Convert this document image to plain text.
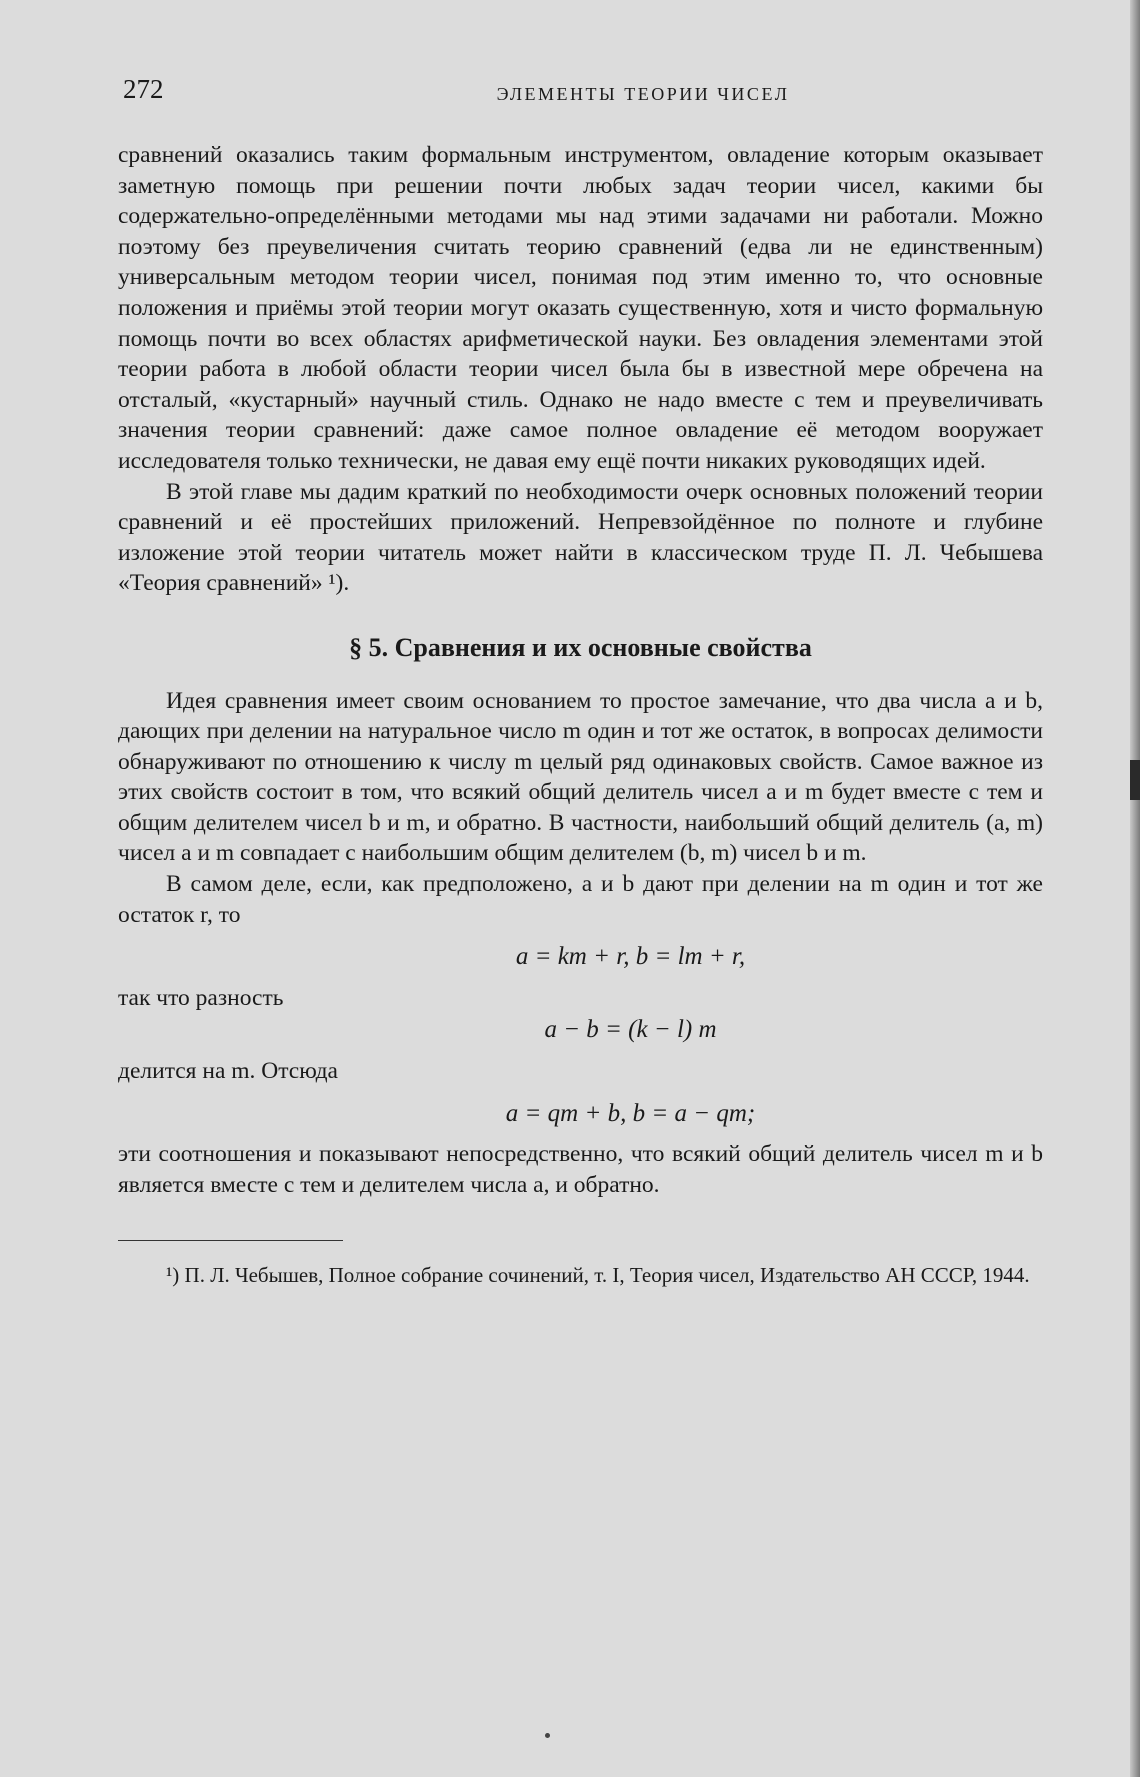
272	ЭЛЕМЕНТЫ ТЕОРИИ ЧИСЕЛ

сравнений оказались таким формальным инструментом, овладение которым оказывает заметную помощь при решении почти любых задач теории чисел, какими бы содержательно-определёнными методами мы над этими задачами ни работали. Можно поэтому без преувеличения считать теорию сравнений (едва ли не единственным) универсальным методом теории чисел, понимая под этим именно то, что основные положения и приёмы этой теории могут оказать существенную, хотя и чисто формальную помощь почти во всех областях арифметической науки. Без овладения элементами этой теории работа в любой области теории чисел была бы в известной мере обречена на отсталый, «кустарный» научный стиль. Однако не надо вместе с тем и преувеличивать значения теории сравнений: даже самое полное овладение её методом вооружает исследователя только технически, не давая ему ещё почти никаких руководящих идей.

В этой главе мы дадим краткий по необходимости очерк основных положений теории сравнений и её простейших приложений. Непревзойдённое по полноте и глубине изложение этой теории читатель может найти в классическом труде П. Л. Чебышева «Теория сравнений» ¹).

§ 5. Сравнения и их основные свойства

Идея сравнения имеет своим основанием то простое замечание, что два числа a и b, дающих при делении на натуральное число m один и тот же остаток, в вопросах делимости обнаруживают по отношению к числу m целый ряд одинаковых свойств. Самое важное из этих свойств состоит в том, что всякий общий делитель чисел a и m будет вместе с тем и общим делителем чисел b и m, и обратно. В частности, наибольший общий делитель (a, m) чисел a и m совпадает с наибольшим общим делителем (b, m) чисел b и m.

В самом деле, если, как предположено, a и b дают при делении на m один и тот же остаток r, то

a = km + r, b = lm + r,

так что разность

a − b = (k − l) m

делится на m. Отсюда

a = qm + b, b = a − qm;

эти соотношения и показывают непосредственно, что всякий общий делитель чисел m и b является вместе с тем и делителем числа a, и обратно.

¹) П. Л. Чебышев, Полное собрание сочинений, т. I, Теория чисел, Издательство АН СССР, 1944.
